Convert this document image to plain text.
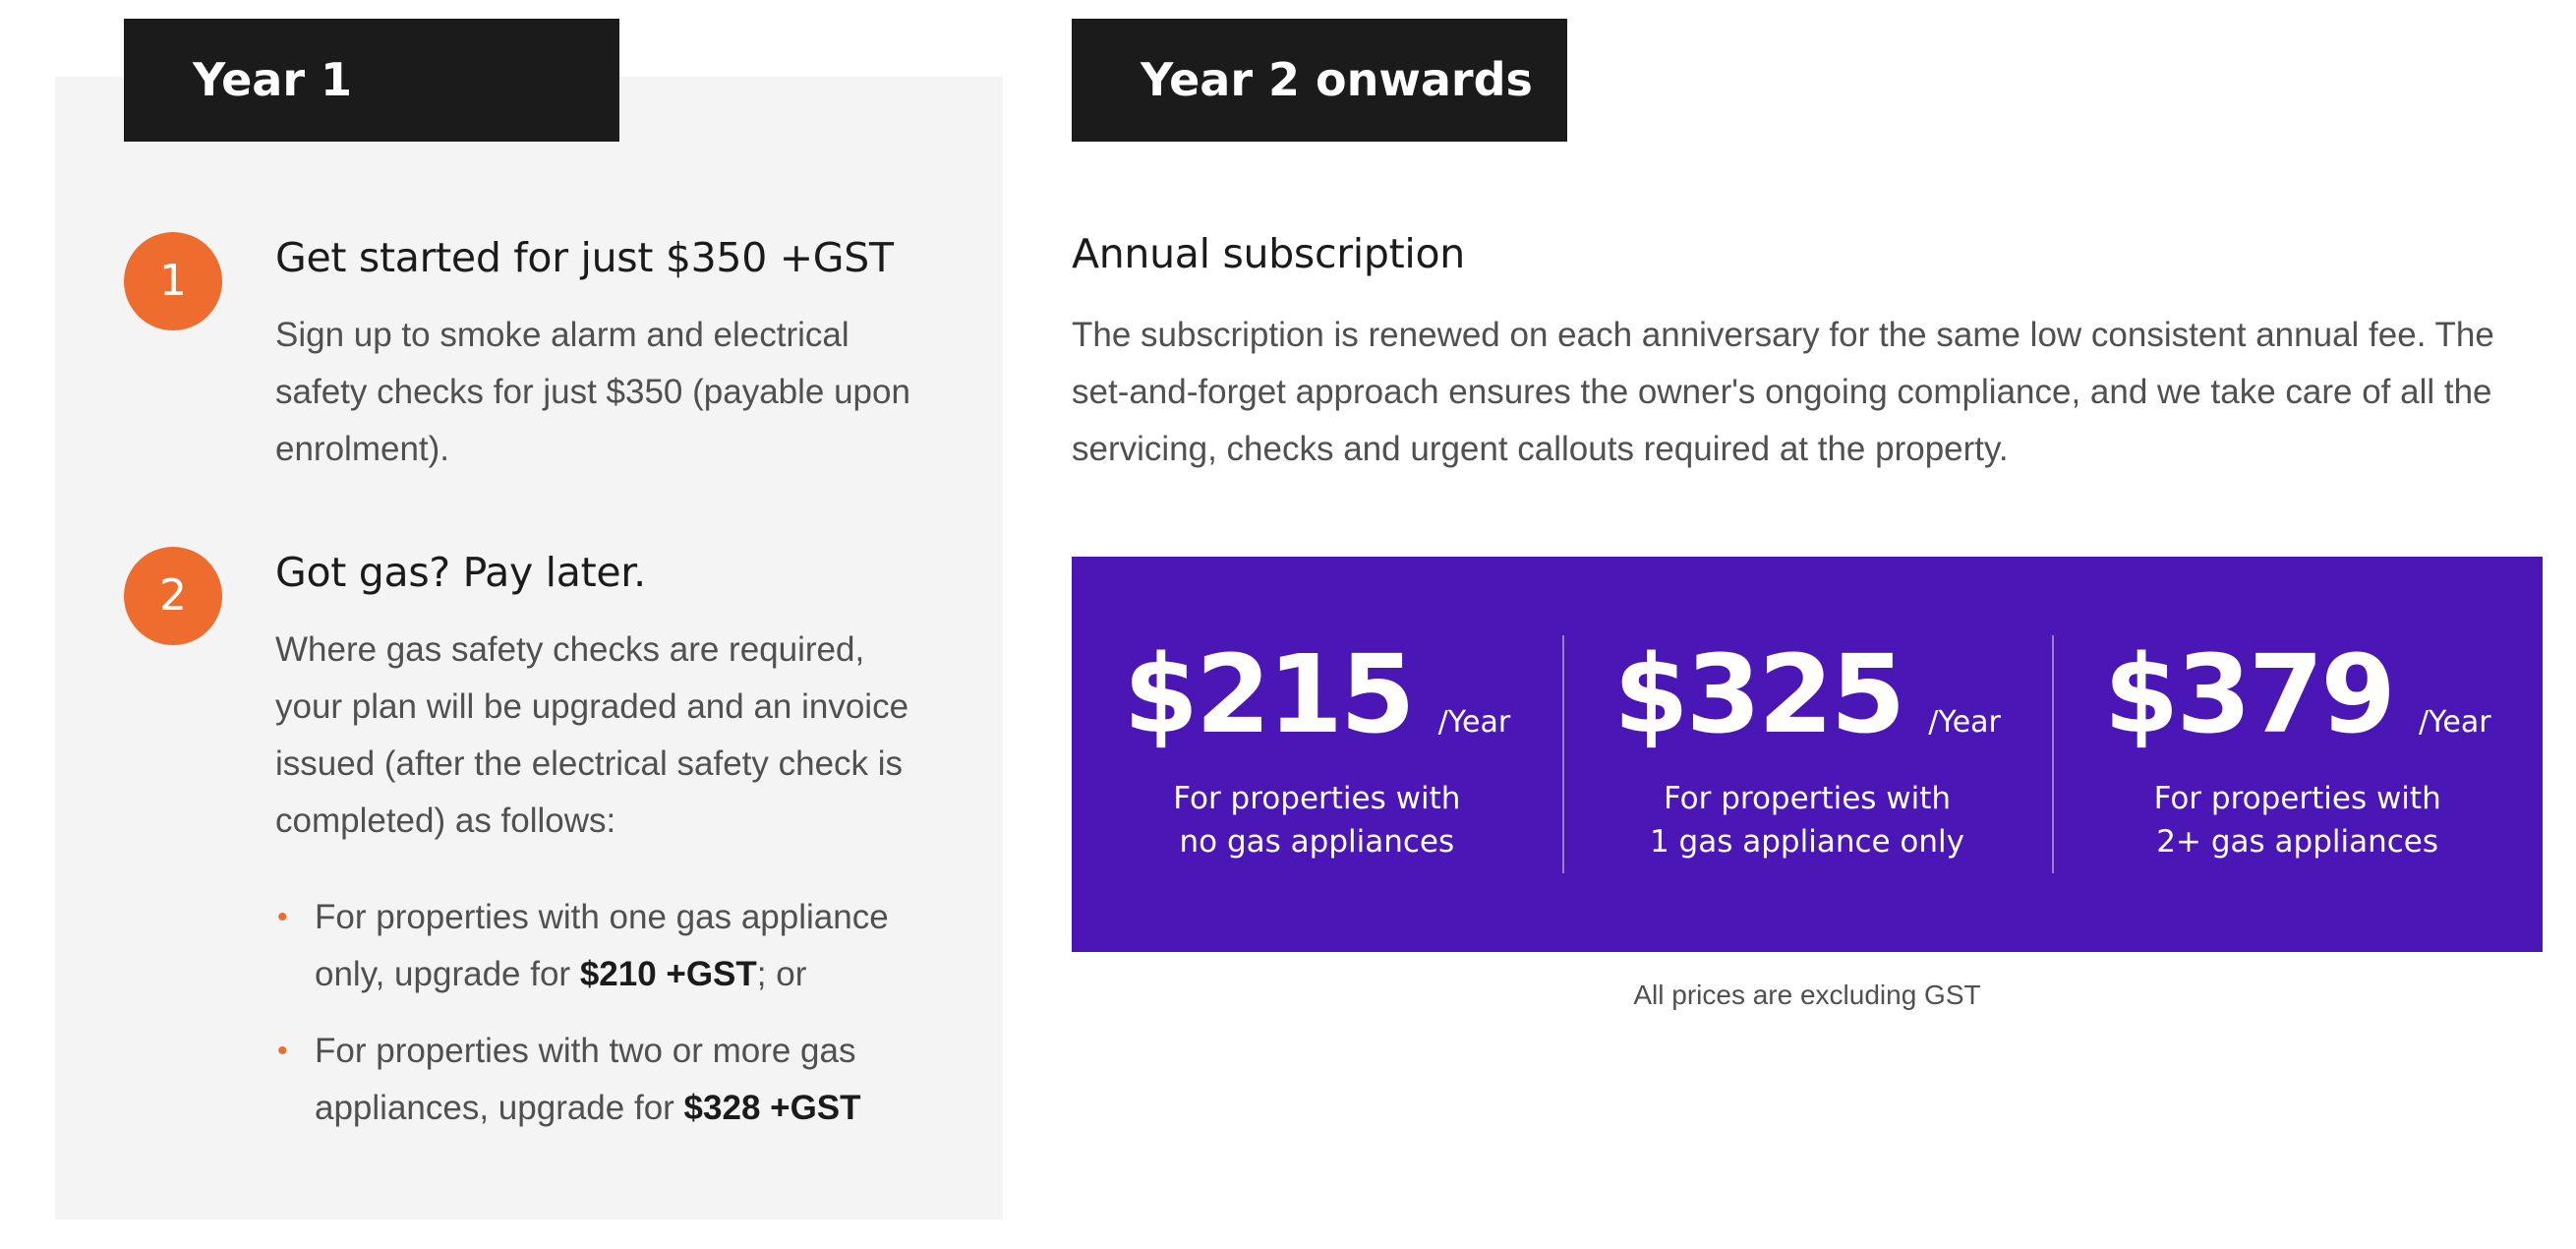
Year 1	Year 2 onwards
1	Get started for just $350 +GST
Sign up to smoke alarm and electrical safety checks for just $350 (payable upon enrolment).
2	Got gas? Pay later.
Where gas safety checks are required, your plan will be upgraded and an invoice issued (after the electrical safety check is completed) as follows:
• For properties with one gas appliance only, upgrade for $210 +GST; or
• For properties with two or more gas appliances, upgrade for $328 +GST
Annual subscription
The subscription is renewed on each anniversary for the same low consistent annual fee. The set-and-forget approach ensures the owner's ongoing compliance, and we take care of all the servicing, checks and urgent callouts required at the property.
$215 /Year
For properties with
no gas appliances
$325 /Year
For properties with
1 gas appliance only
$379 /Year
For properties with
2+ gas appliances
All prices are excluding GST
